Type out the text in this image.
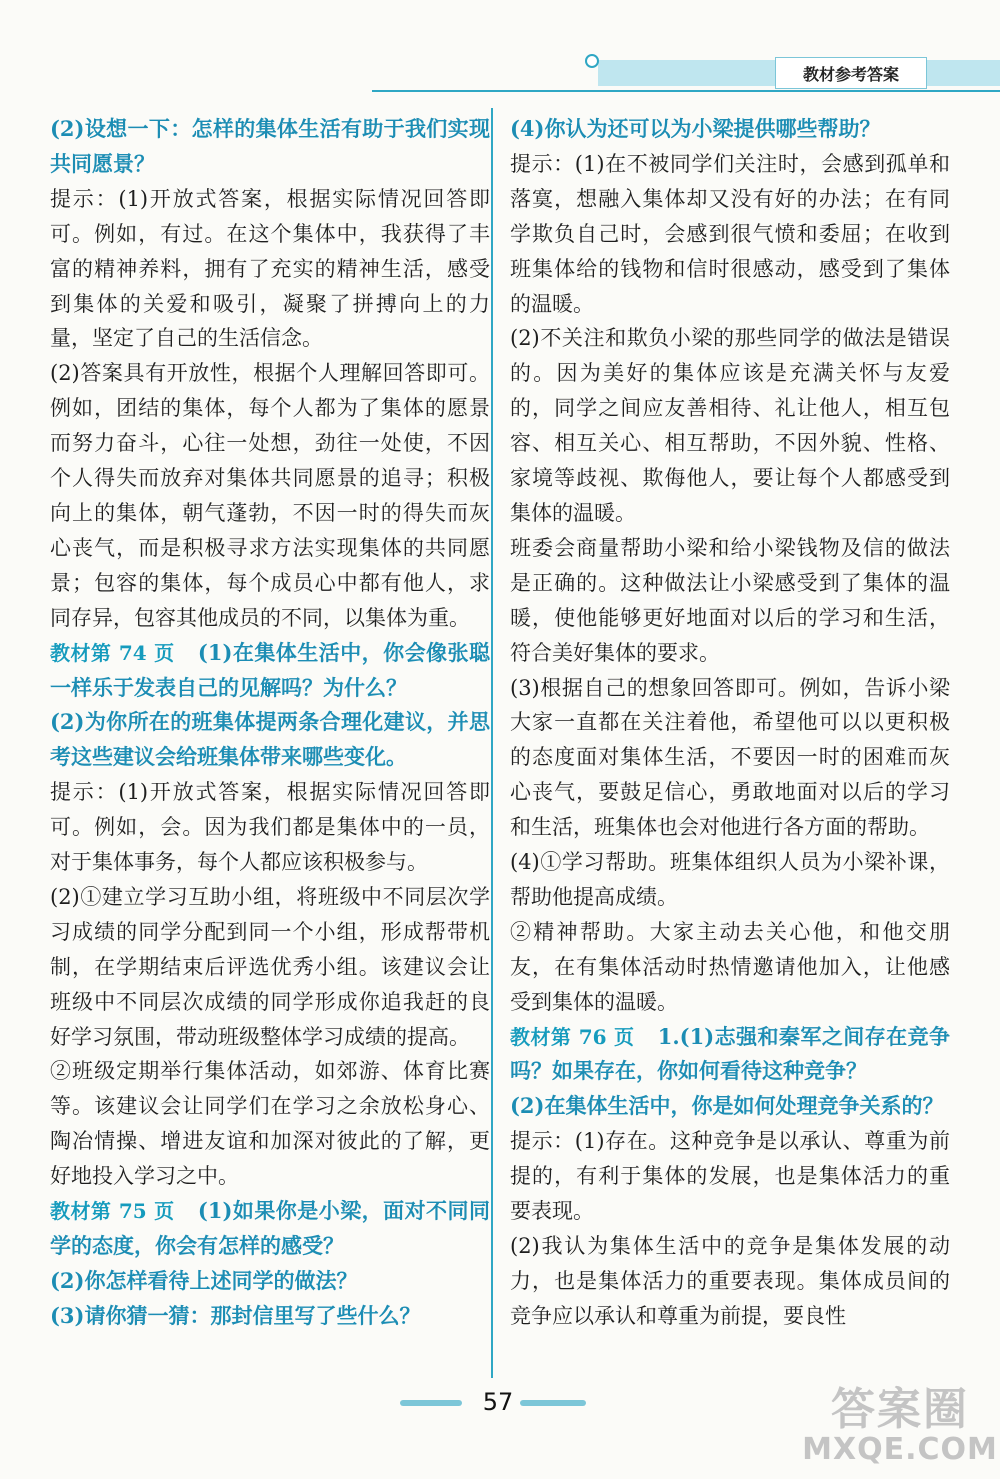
教材参考答案

(2)设想一下：怎样的集体生活有助于我们实现共同愿景？

提示：(1)开放式答案，根据实际情况回答即可。例如，有过。在这个集体中，我获得了丰富的精神养料，拥有了充实的精神生活，感受到集体的关爱和吸引，凝聚了拼搏向上的力量，坚定了自己的生活信念。

(2)答案具有开放性，根据个人理解回答即可。例如，团结的集体，每个人都为了集体的愿景而努力奋斗，心往一处想，劲往一处使，不因个人得失而放弃对集体共同愿景的追寻；积极向上的集体，朝气蓬勃，不因一时的得失而灰心丧气，而是积极寻求方法实现集体的共同愿景；包容的集体，每个成员心中都有他人，求同存异，包容其他成员的不同，以集体为重。

教材第 74 页 (1)在集体生活中，你会像张聪一样乐于发表自己的见解吗？为什么？

(2)为你所在的班集体提两条合理化建议，并思考这些建议会给班集体带来哪些变化。

提示：(1)开放式答案，根据实际情况回答即可。例如，会。因为我们都是集体中的一员，对于集体事务，每个人都应该积极参与。

(2)①建立学习互助小组，将班级中不同层次学习成绩的同学分配到同一个小组，形成帮带机制，在学期结束后评选优秀小组。该建议会让班级中不同层次成绩的同学形成你追我赶的良好学习氛围，带动班级整体学习成绩的提高。

②班级定期举行集体活动，如郊游、体育比赛等。该建议会让同学们在学习之余放松身心、陶冶情操、增进友谊和加深对彼此的了解，更好地投入学习之中。

教材第 75 页 (1)如果你是小梁，面对不同同学的态度，你会有怎样的感受？

(2)你怎样看待上述同学的做法？

(3)请你猜一猜：那封信里写了些什么？

(4)你认为还可以为小梁提供哪些帮助？

提示：(1)在不被同学们关注时，会感到孤单和落寞，想融入集体却又没有好的办法；在有同学欺负自己时，会感到很气愤和委屈；在收到班集体给的钱物和信时很感动，感受到了集体的温暖。

(2)不关注和欺负小梁的那些同学的做法是错误的。因为美好的集体应该是充满关怀与友爱的，同学之间应友善相待、礼让他人，相互包容、相互关心、相互帮助，不因外貌、性格、家境等歧视、欺侮他人，要让每个人都感受到集体的温暖。

班委会商量帮助小梁和给小梁钱物及信的做法是正确的。这种做法让小梁感受到了集体的温暖，使他能够更好地面对以后的学习和生活，符合美好集体的要求。

(3)根据自己的想象回答即可。例如，告诉小梁大家一直都在关注着他，希望他可以以更积极的态度面对集体生活，不要因一时的困难而灰心丧气，要鼓足信心，勇敢地面对以后的学习和生活，班集体也会对他进行各方面的帮助。

(4)①学习帮助。班集体组织人员为小梁补课，帮助他提高成绩。

②精神帮助。大家主动去关心他，和他交朋友，在有集体活动时热情邀请他加入，让他感受到集体的温暖。

教材第 76 页 1.(1)志强和秦军之间存在竞争吗？如果存在，你如何看待这种竞争？

(2)在集体生活中，你是如何处理竞争关系的？

提示：(1)存在。这种竞争是以承认、尊重为前提的，有利于集体的发展，也是集体活力的重要表现。

(2)我认为集体生活中的竞争是集体发展的动力，也是集体活力的重要表现。集体成员间的竞争应以承认和尊重为前提，要良性

57	答案圈
MXQE.COM
